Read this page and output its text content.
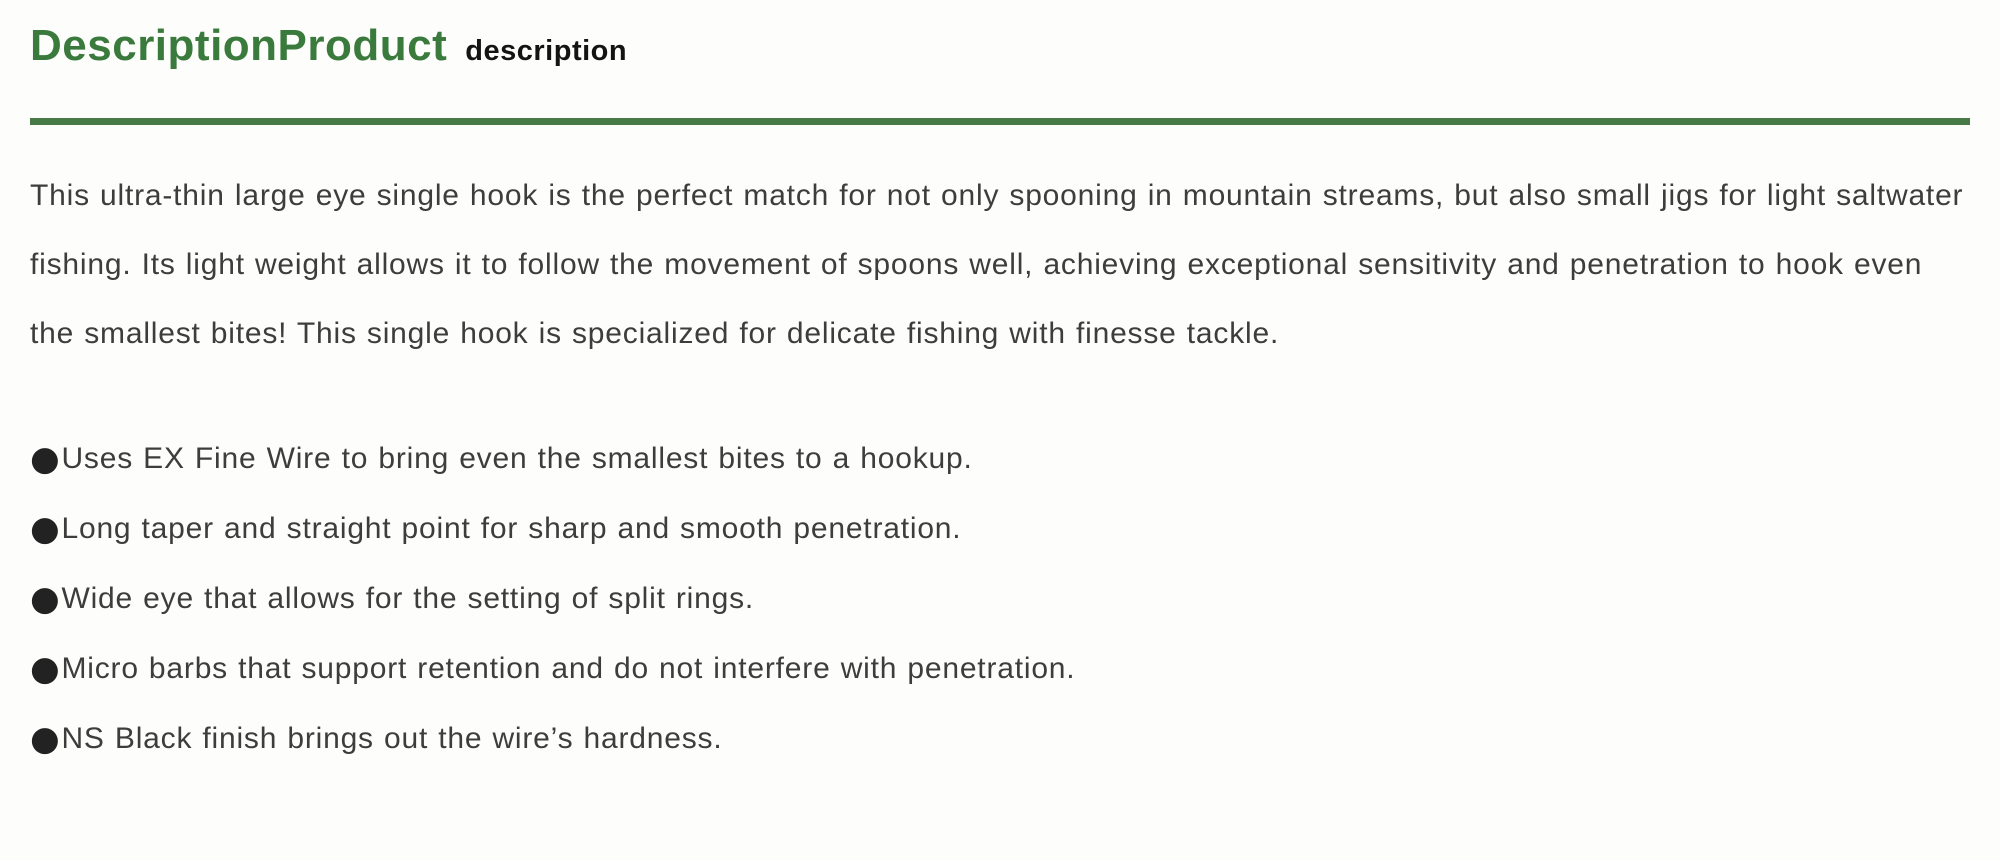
DescriptionProduct description

This ultra-thin large eye single hook is the perfect match for not only spooning in mountain streams, but also small jigs for light saltwater fishing. Its light weight allows it to follow the movement of spoons well, achieving exceptional sensitivity and penetration to hook even the smallest bites! This single hook is specialized for delicate fishing with finesse tackle.

●Uses EX Fine Wire to bring even the smallest bites to a hookup.
●Long taper and straight point for sharp and smooth penetration.
●Wide eye that allows for the setting of split rings.
●Micro barbs that support retention and do not interfere with penetration.
●NS Black finish brings out the wire’s hardness.
